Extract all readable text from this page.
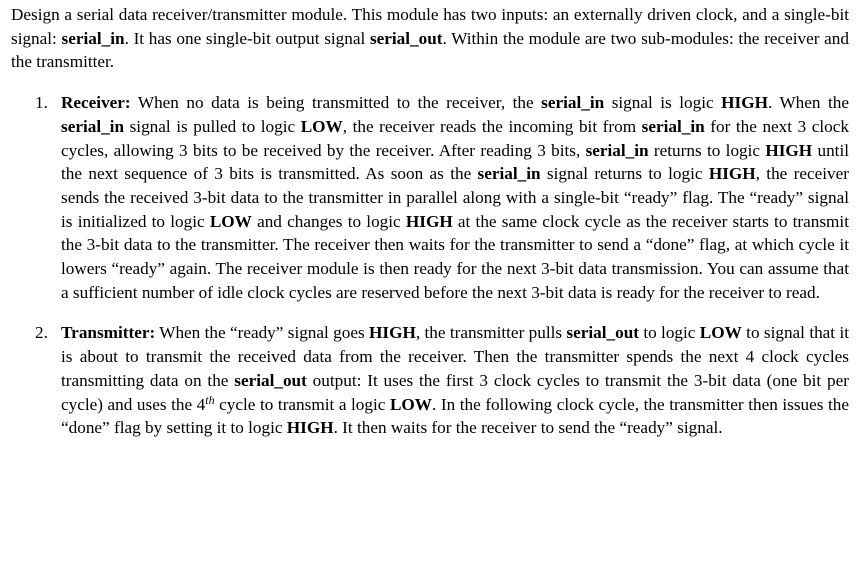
Design a serial data receiver/transmitter module. This module has two inputs: an externally driven clock, and a single-bit signal: serial_in. It has one single-bit output signal serial_out. Within the module are two sub-modules: the receiver and the transmitter.

1. Receiver: When no data is being transmitted to the receiver, the serial_in signal is logic HIGH. When the serial_in signal is pulled to logic LOW, the receiver reads the incoming bit from serial_in for the next 3 clock cycles, allowing 3 bits to be received by the receiver. After reading 3 bits, serial_in returns to logic HIGH until the next sequence of 3 bits is transmitted. As soon as the serial_in signal returns to logic HIGH, the receiver sends the received 3-bit data to the transmitter in parallel along with a single-bit “ready” flag. The “ready” signal is initialized to logic LOW and changes to logic HIGH at the same clock cycle as the receiver starts to transmit the 3-bit data to the transmitter. The receiver then waits for the transmitter to send a “done” flag, at which cycle it lowers “ready” again. The receiver module is then ready for the next 3-bit data transmission. You can assume that a sufficient number of idle clock cycles are reserved before the next 3-bit data is ready for the receiver to read.
2. Transmitter: When the “ready” signal goes HIGH, the transmitter pulls serial_out to logic LOW to signal that it is about to transmit the received data from the receiver. Then the transmitter spends the next 4 clock cycles transmitting data on the serial_out output: It uses the first 3 clock cycles to transmit the 3-bit data (one bit per cycle) and uses the 4th cycle to transmit a logic LOW. In the following clock cycle, the transmitter then issues the “done” flag by setting it to logic HIGH. It then waits for the receiver to send the “ready” signal.
